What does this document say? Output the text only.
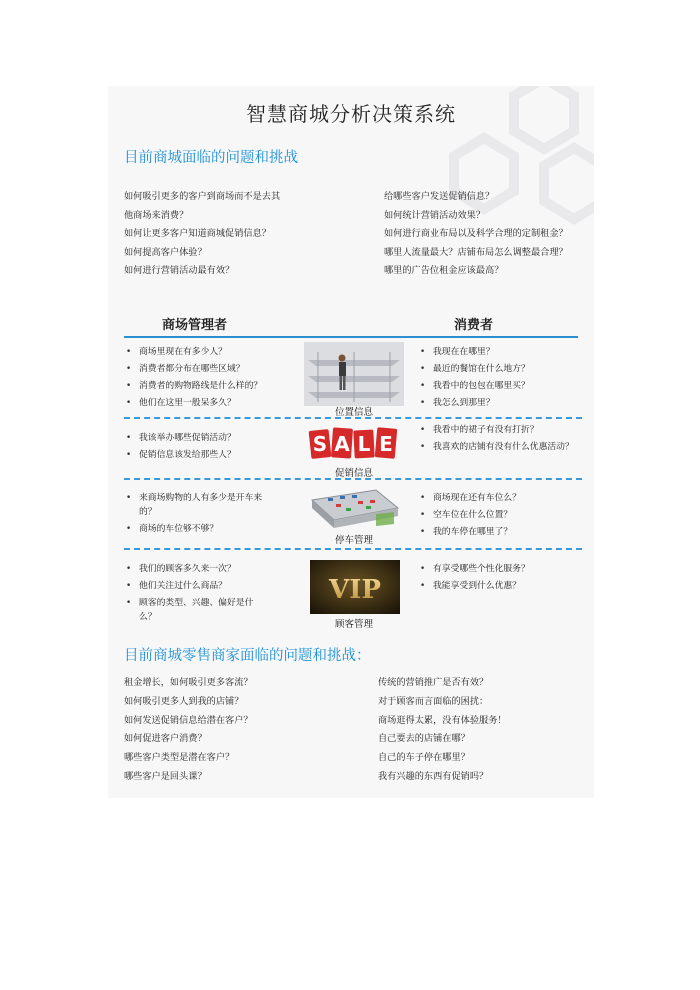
智慧商城分析决策系统
目前商城面临的问题和挑战
如何吸引更多的客户到商场而不是去其
他商场来消费？
如何让更多客户知道商城促销信息？
如何提高客户体验？
如何进行营销活动最有效？
给哪些客户发送促销信息？
如何统计营销活动效果？
如何进行商业布局以及科学合理的定制租金？
哪里人流量最大？店铺布局怎么调整最合理？
哪里的广告位租金应该最高？
商场管理者	消费者
• 商场里现在有多少人？
• 消费者都分布在哪些区域？
• 消费者的购物路线是什么样的？
• 他们在这里一般呆多久？
位置信息
• 我现在在哪里？
• 最近的餐馆在什么地方？
• 我看中的包包在哪里买？
• 我怎么到那里？
• 我该举办哪些促销活动？
• 促销信息该发给那些人？	S A L E
促销信息
• 我看中的裙子有没有打折？
• 我喜欢的店铺有没有什么优惠活动？
• 来商场购物的人有多少是开车来的？
• 商场的车位够不够？
停车管理
• 商场现在还有车位么？
• 空车位在什么位置？
• 我的车停在哪里了？
• 我们的顾客多久来一次？
• 他们关注过什么商品？
• 顾客的类型、兴趣、偏好是什么？
VIP
顾客管理
• 有享受哪些个性化服务？
• 我能享受到什么优惠？
目前商城零售商家面临的问题和挑战：
租金增长，如何吸引更多客流？
如何吸引更多人到我的店铺？
如何发送促销信息给潜在客户？
如何促进客户消费？
哪些客户类型是潜在客户？
哪些客户是回头课？
传统的营销推广是否有效？
对于顾客而言面临的困扰：
商场逛得太累，没有体验服务！
自己要去的店铺在哪？
自己的车子停在哪里？
我有兴趣的东西有促销吗？
